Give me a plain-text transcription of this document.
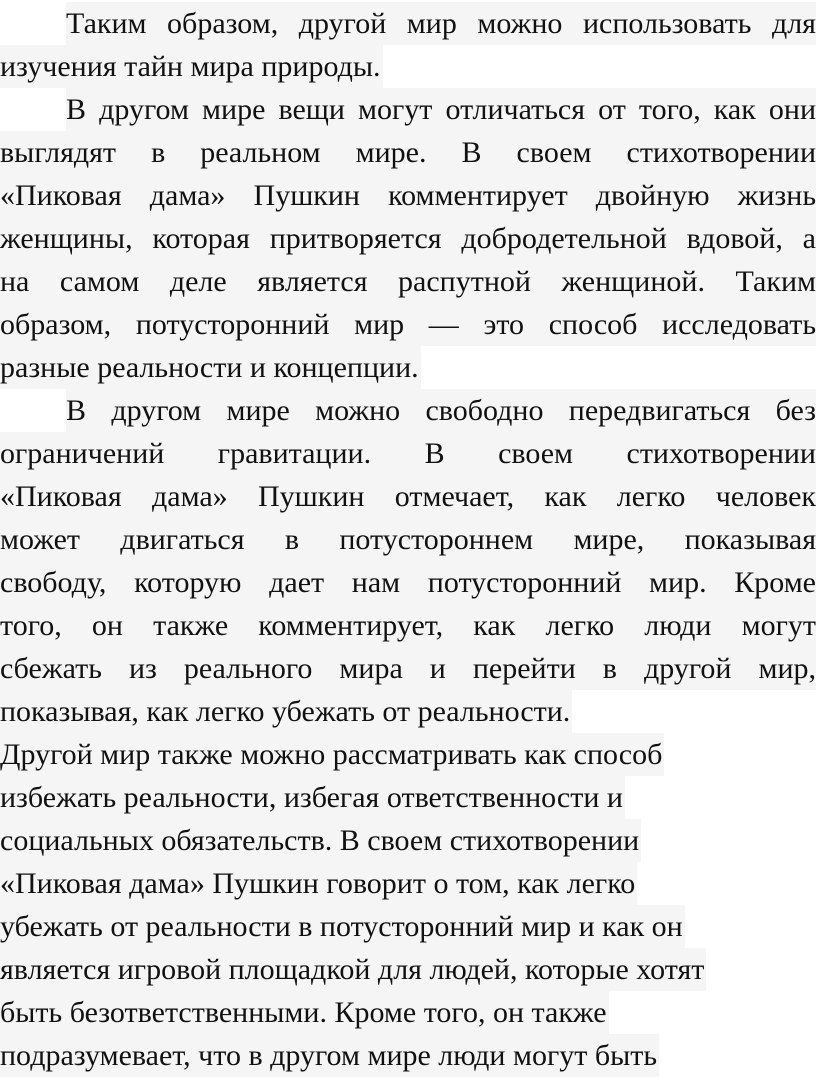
Таким образом, другой мир можно использовать для
изучения тайн мира природы.
В другом мире вещи могут отличаться от того, как они
выглядят в реальном мире. В своем стихотворении
«Пиковая дама» Пушкин комментирует двойную жизнь
женщины, которая притворяется добродетельной вдовой, а
на самом деле является распутной женщиной. Таким
образом, потусторонний мир — это способ исследовать
разные реальности и концепции.
В другом мире можно свободно передвигаться без
ограничений гравитации. В своем стихотворении
«Пиковая дама» Пушкин отмечает, как легко человек
может двигаться в потустороннем мире, показывая
свободу, которую дает нам потусторонний мир. Кроме
того, он также комментирует, как легко люди могут
сбежать из реального мира и перейти в другой мир,
показывая, как легко убежать от реальности.
Другой мир также можно рассматривать как способ
избежать реальности, избегая ответственности и
социальных обязательств. В своем стихотворении
«Пиковая дама» Пушкин говорит о том, как легко
убежать от реальности в потусторонний мир и как он
является игровой площадкой для людей, которые хотят
быть безответственными. Кроме того, он также
подразумевает, что в другом мире люди могут быть
